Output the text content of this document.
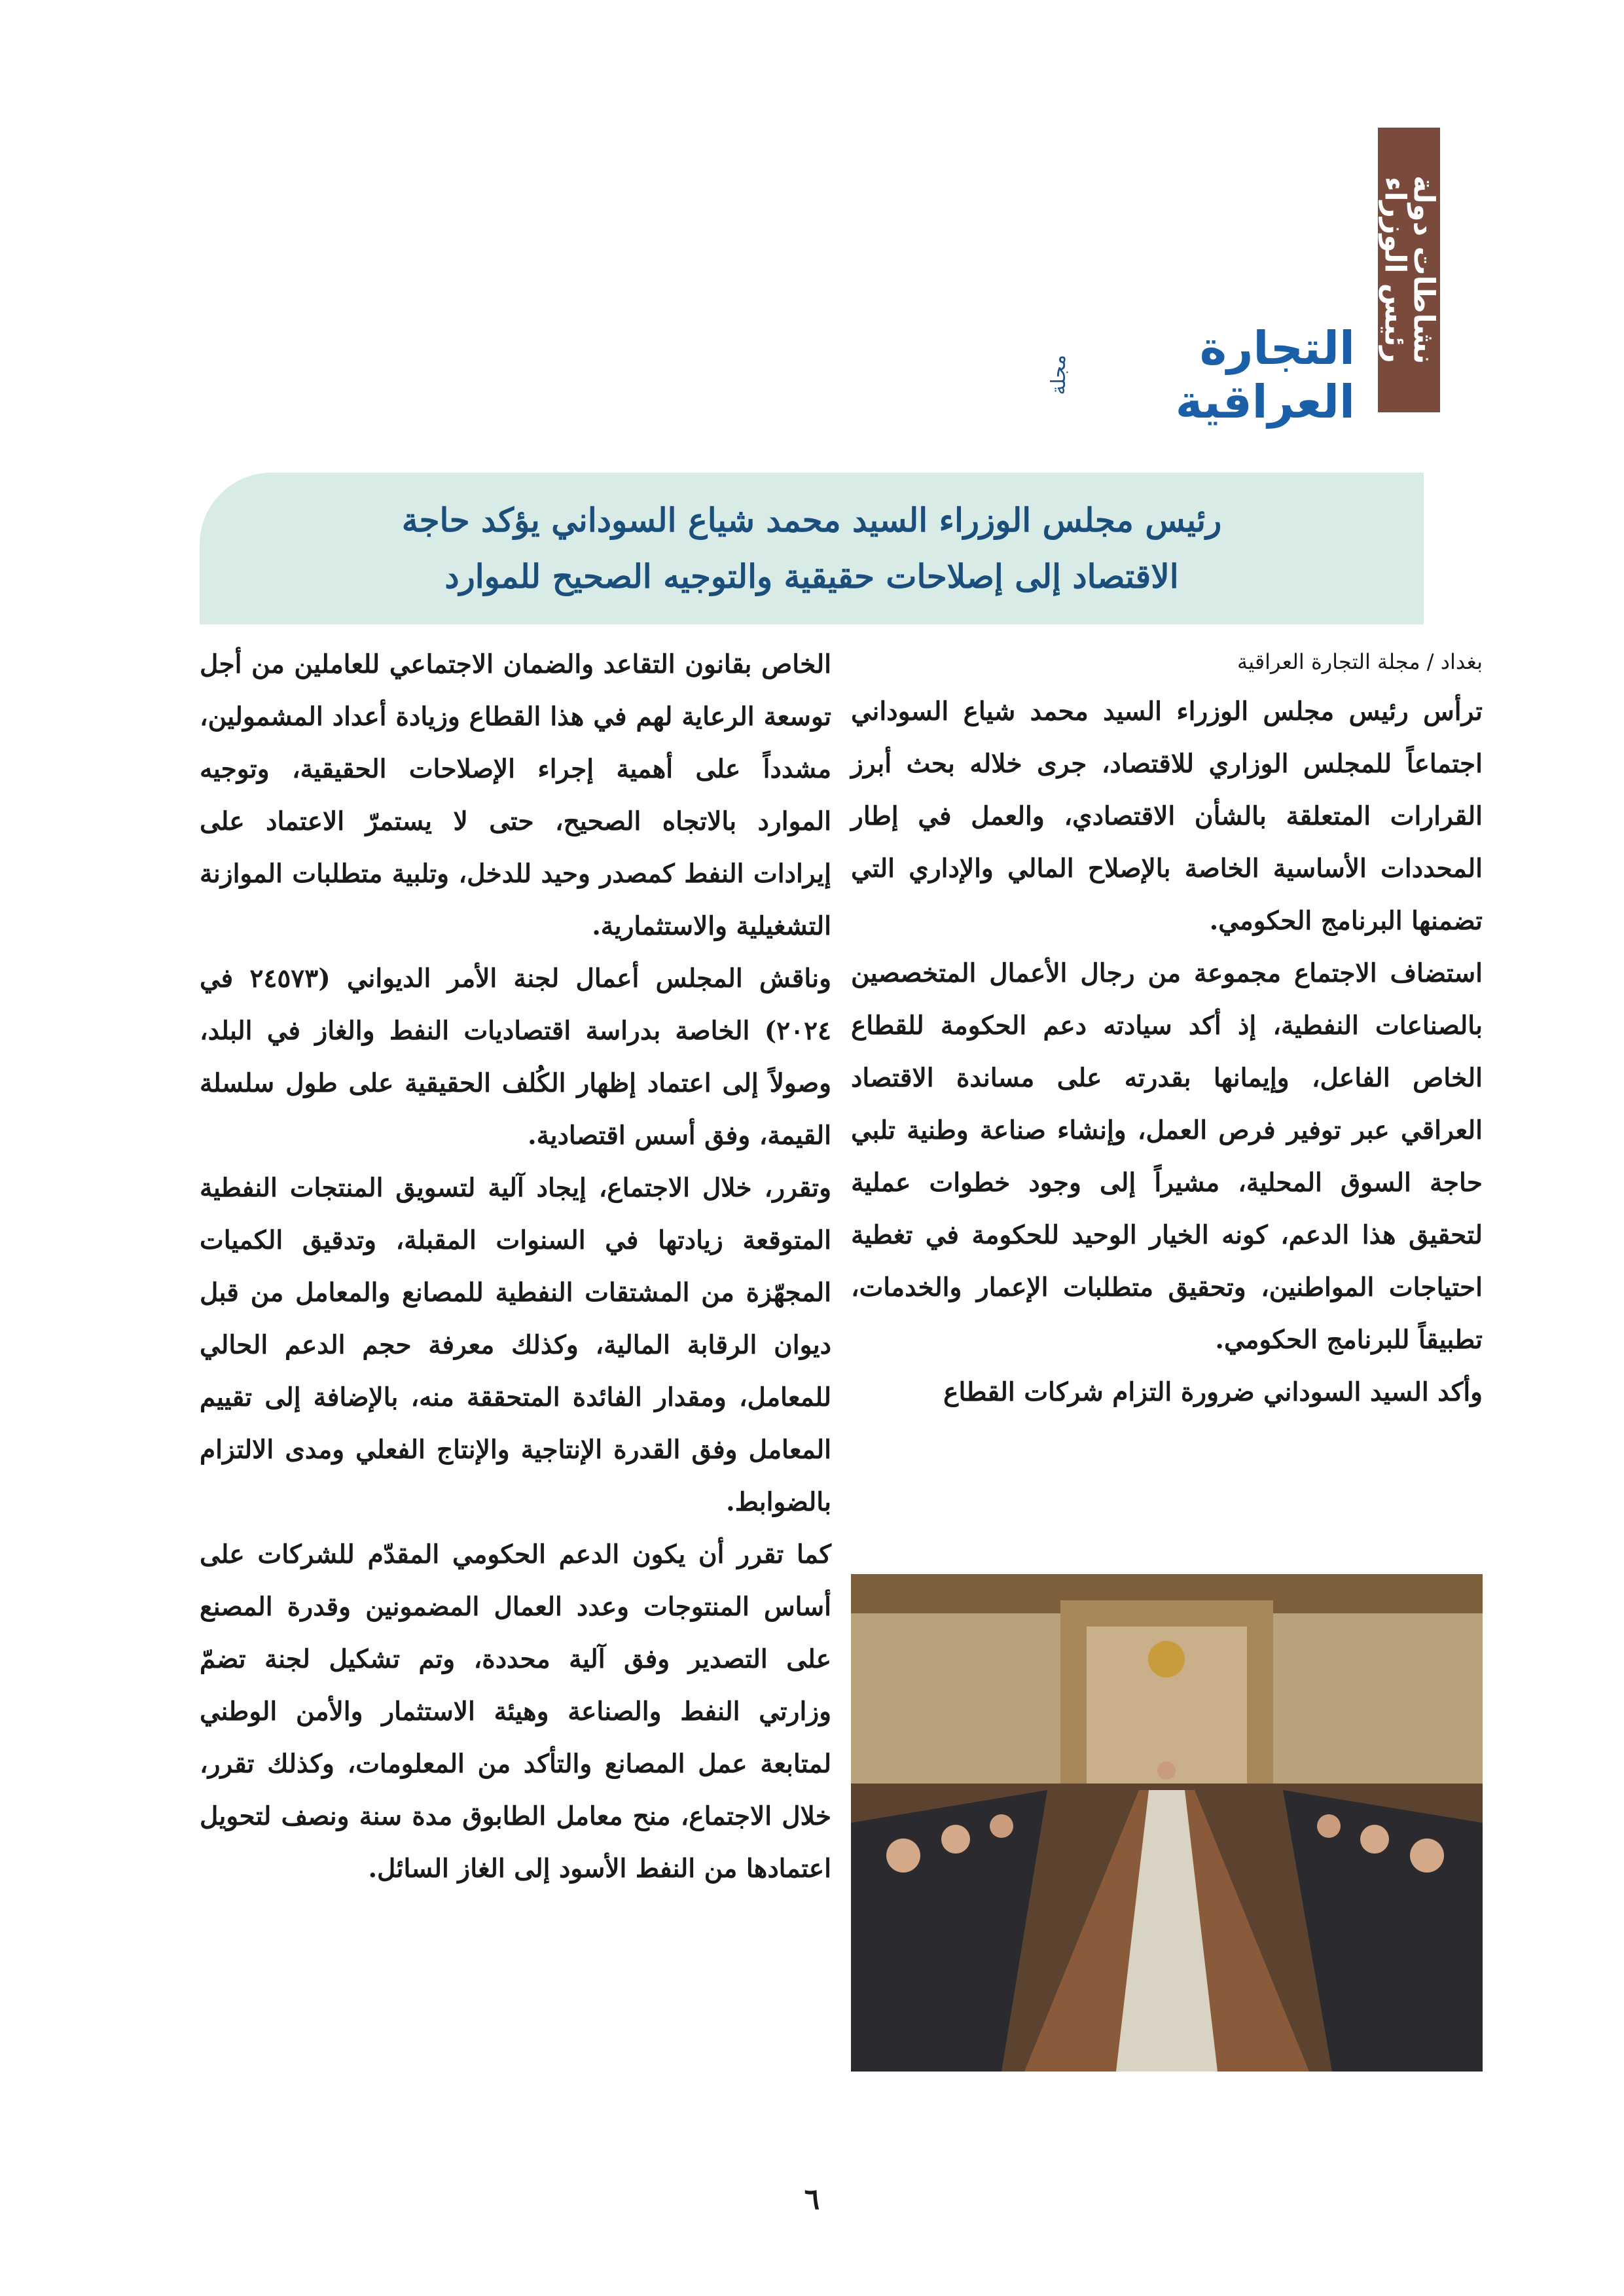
نشاطات دولة رئيس الوزراء
التجارة العراقية
مجلة
رئيس مجلس الوزراء السيد محمد شياع السوداني يؤكد حاجة
الاقتصاد إلى إصلاحات حقيقية والتوجيه الصحيح للموارد
بغداد / مجلة التجارة العراقية

ترأس رئيس مجلس الوزراء السيد محمد شياع السوداني اجتماعاً للمجلس الوزاري للاقتصاد، جرى خلاله بحث أبرز القرارات المتعلقة بالشأن الاقتصادي، والعمل في إطار المحددات الأساسية الخاصة بالإصلاح المالي والإداري التي تضمنها البرنامج الحكومي.

استضاف الاجتماع مجموعة من رجال الأعمال المتخصصين بالصناعات النفطية، إذ أكد سيادته دعم الحكومة للقطاع الخاص الفاعل، وإيمانها بقدرته على مساندة الاقتصاد العراقي عبر توفير فرص العمل، وإنشاء صناعة وطنية تلبي حاجة السوق المحلية، مشيراً إلى وجود خطوات عملية لتحقيق هذا الدعم، كونه الخيار الوحيد للحكومة في تغطية احتياجات المواطنين، وتحقيق متطلبات الإعمار والخدمات، تطبيقاً للبرنامج الحكومي.

وأكد السيد السوداني ضرورة التزام شركات القطاع

الخاص بقانون التقاعد والضمان الاجتماعي للعاملين من أجل توسعة الرعاية لهم في هذا القطاع وزيادة أعداد المشمولين، مشدداً على أهمية إجراء الإصلاحات الحقيقية، وتوجيه الموارد بالاتجاه الصحيح، حتى لا يستمرّ الاعتماد على إيرادات النفط كمصدر وحيد للدخل، وتلبية متطلبات الموازنة التشغيلية والاستثمارية.

وناقش المجلس أعمال لجنة الأمر الديواني (٢٤٥٧٣ في ٢٠٢٤) الخاصة بدراسة اقتصاديات النفط والغاز في البلد، وصولاً إلى اعتماد إظهار الكُلف الحقيقية على طول سلسلة القيمة، وفق أسس اقتصادية.

وتقرر، خلال الاجتماع، إيجاد آلية لتسويق المنتجات النفطية المتوقعة زيادتها في السنوات المقبلة، وتدقيق الكميات المجهّزة من المشتقات النفطية للمصانع والمعامل من قبل ديوان الرقابة المالية، وكذلك معرفة حجم الدعم الحالي للمعامل، ومقدار الفائدة المتحققة منه، بالإضافة إلى تقييم المعامل وفق القدرة الإنتاجية والإنتاج الفعلي ومدى الالتزام بالضوابط.

كما تقرر أن يكون الدعم الحكومي المقدّم للشركات على أساس المنتوجات وعدد العمال المضمونين وقدرة المصنع على التصدير وفق آلية محددة، وتم تشكيل لجنة تضمّ وزارتي النفط والصناعة وهيئة الاستثمار والأمن الوطني لمتابعة عمل المصانع والتأكد من المعلومات، وكذلك تقرر، خلال الاجتماع، منح معامل الطابوق مدة سنة ونصف لتحويل اعتمادها من النفط الأسود إلى الغاز السائل.

٦
